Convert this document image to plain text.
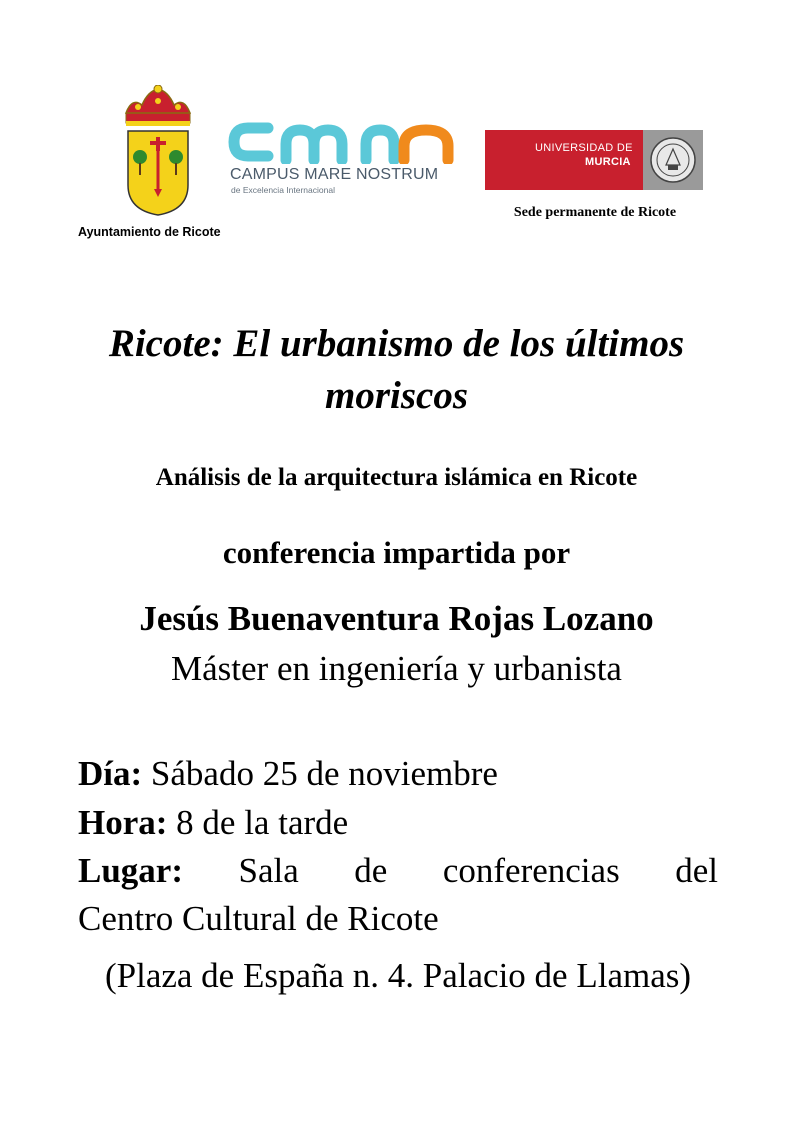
Ayuntamiento de Ricote
CAMPUS MARE NOSTRUM
de Excelencia Internacional
UNIVERSIDAD DE
MURCIA
Sede permanente de Ricote
Ricote: El urbanismo de los últimos moriscos
Análisis de la arquitectura islámica en Ricote
conferencia impartida por
Jesús Buenaventura Rojas Lozano
Máster en ingeniería y urbanista
Día: Sábado 25 de noviembre
Hora: 8 de la tarde
Lugar: Sala de conferencias del
Centro Cultural de Ricote
(Plaza de España n. 4. Palacio de Llamas)
